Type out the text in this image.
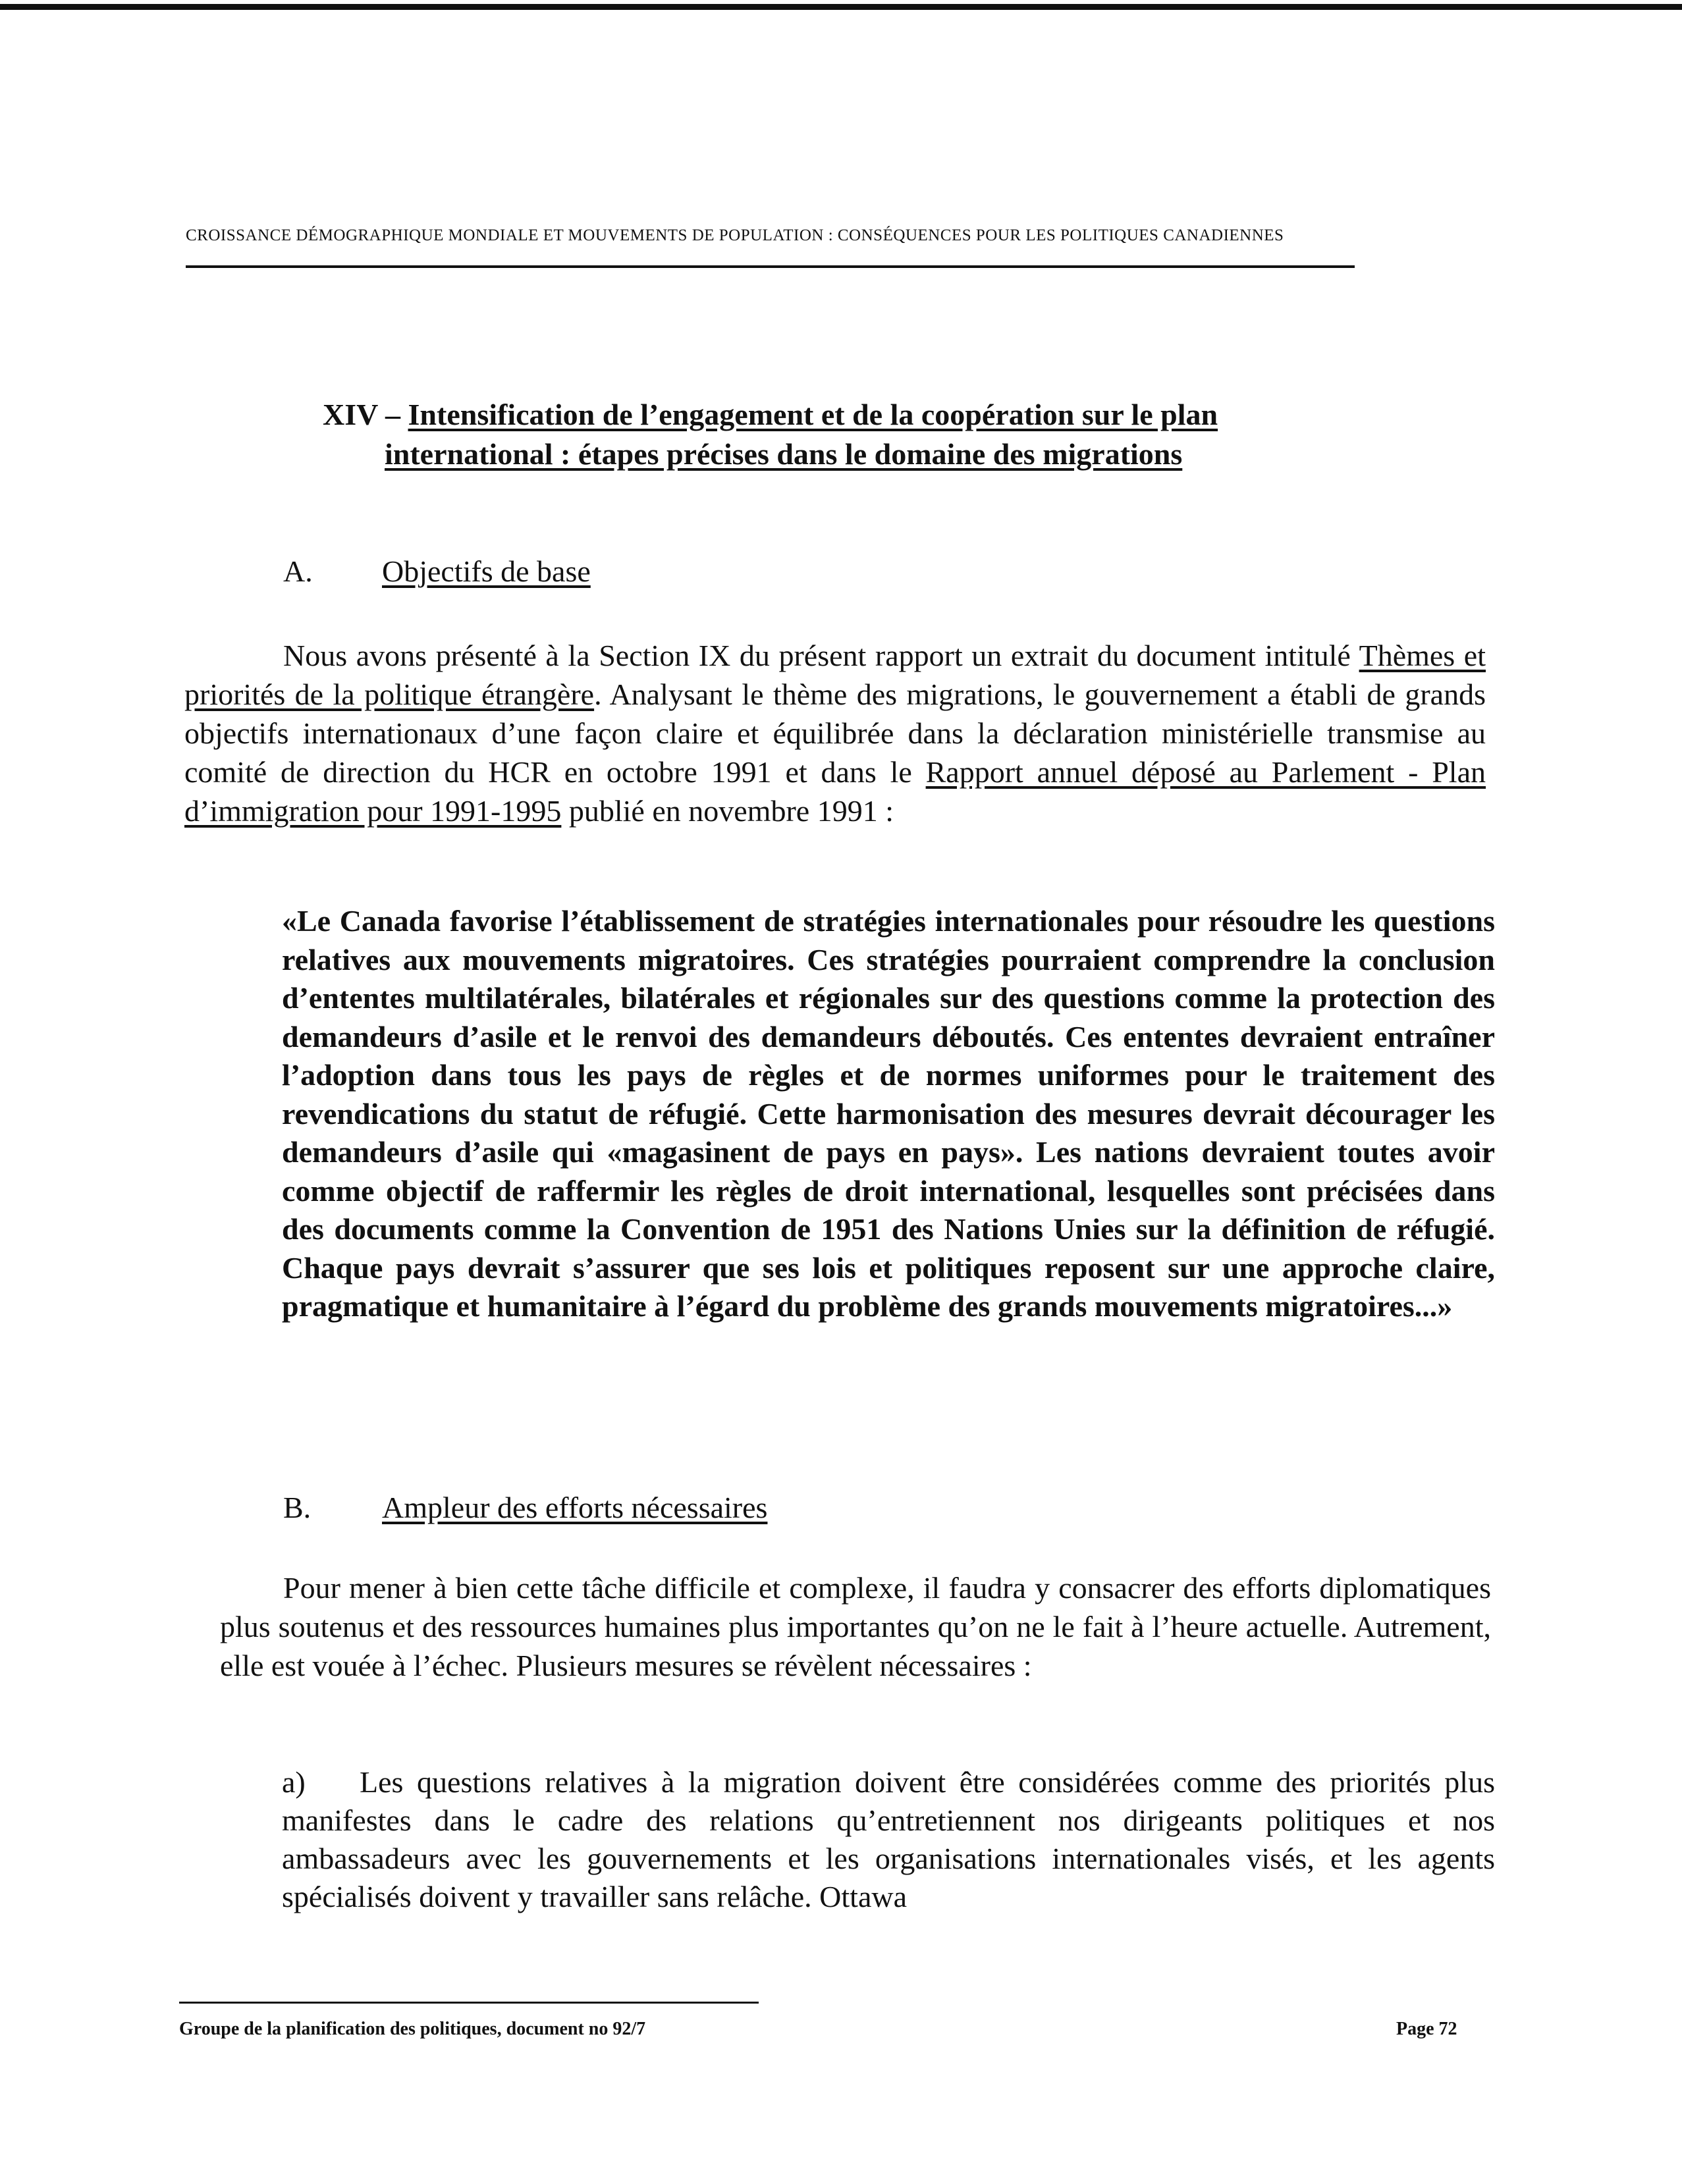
CROISSANCE DÉMOGRAPHIQUE MONDIALE ET MOUVEMENTS DE POPULATION : CONSÉQUENCES POUR LES POLITIQUES CANADIENNES
XIV – Intensification de l’engagement et de la coopération sur le plan
international : étapes précises dans le domaine des migrations
A. Objectifs de base
Nous avons présenté à la Section IX du présent rapport un extrait du document intitulé Thèmes et priorités de la politique étrangère. Analysant le thème des migrations, le gouvernement a établi de grands objectifs internationaux d’une façon claire et équilibrée dans la déclaration ministérielle transmise au comité de direction du HCR en octobre 1991 et dans le Rapport annuel déposé au Parlement - Plan d’immigration pour 1991-1995 publié en novembre 1991 :
«Le Canada favorise l’établissement de stratégies internationales pour résoudre les questions relatives aux mouvements migratoires. Ces stratégies pourraient comprendre la conclusion d’ententes multilatérales, bilatérales et régionales sur des questions comme la protection des demandeurs d’asile et le renvoi des demandeurs déboutés. Ces ententes devraient entraîner l’adoption dans tous les pays de règles et de normes uniformes pour le traitement des revendications du statut de réfugié. Cette harmonisation des mesures devrait décourager les demandeurs d’asile qui «magasinent de pays en pays». Les nations devraient toutes avoir comme objectif de raffermir les règles de droit international, lesquelles sont précisées dans des documents comme la Convention de 1951 des Nations Unies sur la définition de réfugié. Chaque pays devrait s’assurer que ses lois et politiques reposent sur une approche claire, pragmatique et humanitaire à l’égard du problème des grands mouvements migratoires...»
B. Ampleur des efforts nécessaires
Pour mener à bien cette tâche difficile et complexe, il faudra y consacrer des efforts diplomatiques plus soutenus et des ressources humaines plus importantes qu’on ne le fait à l’heure actuelle. Autrement, elle est vouée à l’échec. Plusieurs mesures se révèlent nécessaires :
a) Les questions relatives à la migration doivent être considérées comme des priorités plus manifestes dans le cadre des relations qu’entretiennent nos dirigeants politiques et nos ambassadeurs avec les gouvernements et les organisations internationales visés, et les agents spécialisés doivent y travailler sans relâche. Ottawa
Groupe de la planification des politiques, document no 92/7	Page 72
